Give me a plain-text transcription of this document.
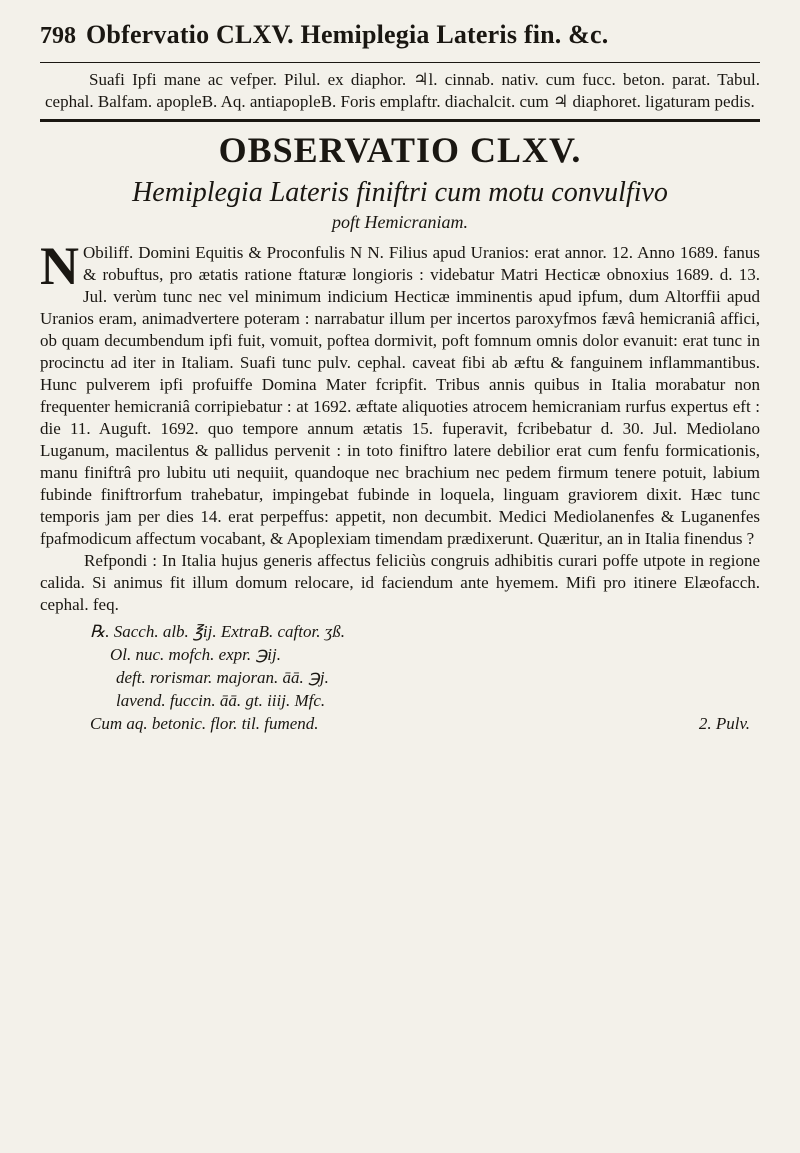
798 Obfervatio CLXV. Hemiplegia Lateris fin. &c.

Suafi Ipfi mane ac vefper. Pilul. ex diaphor. ♃l. cinnab. nativ. cum fucc. beton. parat. Tabul. cephal. Balfam. apopleB. Aq. antiapopleB. Foris emplaftr. diachalcit. cum ♃ diaphoret. ligaturam pedis.

OBSERVATIO CLXV.
Hemiplegia Lateris finiftri cum motu convulfivo
poft Hemicraniam.

N Obiliff. Domini Equitis & Proconfulis N N. Filius apud Uranios: erat annor. 12. Anno 1689. fanus & robuftus, pro ætatis ratione ftaturæ longioris : videbatur Matri Hecticæ obnoxius 1689. d. 13. Jul. verùm tunc nec vel minimum indicium Hecticæ imminentis apud ipfum, dum Altorffii apud Uranios eram, animadvertere poteram : narrabatur illum per incertos paroxyfmos fævâ hemicraniâ affici, ob quam decumbendum ipfi fuit, vomuit, poftea dormivit, poft fomnum omnis dolor evanuit: erat tunc in procinctu ad iter in Italiam. Suafi tunc pulv. cephal. caveat fibi ab æftu & fanguinem inflammantibus. Hunc pulverem ipfi profuiffe Domina Mater fcripfit. Tribus annis quibus in Italia morabatur non frequenter hemicraniâ corripiebatur : at 1692. æftate aliquoties atrocem hemicraniam rurfus expertus eft : die 11. Auguft. 1692. quo tempore annum ætatis 15. fuperavit, fcribebatur d. 30. Jul. Mediolano Luganum, macilentus & pallidus pervenit : in toto finiftro latere debilior erat cum fenfu formicationis, manu finiftrâ pro lubitu uti nequiit, quandoque nec brachium nec pedem firmum tenere potuit, labium fubinde finiftrorfum trahebatur, impingebat fubinde in loquela, linguam graviorem dixit. Hæc tunc temporis jam per dies 14. erat perpeffus: appetit, non decumbit. Medici Mediolanenfes & Luganenfes fpafmodicum affectum vocabant, & Apoplexiam timendam prædixerunt. Quæritur, an in Italia finendus ?

Refpondi : In Italia hujus generis affectus feliciùs congruis adhibitis curari poffe utpote in regione calida. Si animus fit illum domum relocare, id faciendum ante hyemem. Mifi pro itinere Elæofacch. cephal. feq.

℞. Sacch. alb. ℥ij. ExtraB. caftor. ʒß.
Ol. nuc. mofch. expr. ℈ij.
deft. rorismar. majoran. āā. ℈j.
lavend. fuccin. āā. gt. iiij. Mfc.
Cum aq. betonic. flor. til. fumend.	2. Pulv.
